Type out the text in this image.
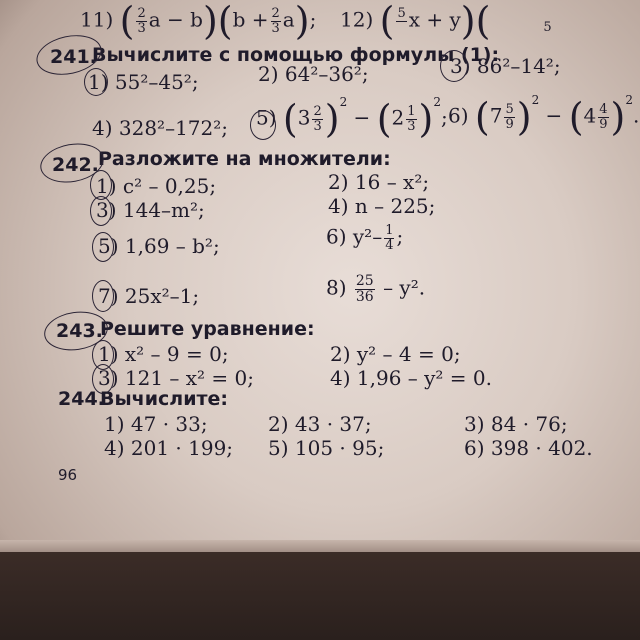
11) ( $\frac{2}{3}$ $a - b)(b + \frac{2}{3} a)$; 12) ( 5
x + y)(
	5
241.
Вычислите с помощью формулы (1):
1) 55²–45²;	2) 64²–36²;	3) 86²–14²;
4) 328²–172²; 5) $(3 \frac{2}{3} )^2 - (2 \frac{1}{3} )^2$; 6) $(7 \frac{5}{9} )^2 - (4 \frac{4}{9} )^2$.
242. Разложите на множители:
1) c² – 0,25;	2) 16 – x²;
3) 144–m²;	4) n – 225;
5) 1,69 – b²;	6) $y^2- \frac{1}{4}$ ;
7) 25x²–1;	$8) \frac{25}{36} - y^2$.
243.
Решите уравнение:
1) x² – 9 = 0;	2) y² – 4 = 0;
3) 121 – x² = 0;	4) 1,96 – y² = 0.
244.
Вычислите:
1) 47 · 33;	2) 43 · 37;	3) 84 · 76;
4) 201 · 199; 5) 105 · 95;	6) 398 · 402.
96
